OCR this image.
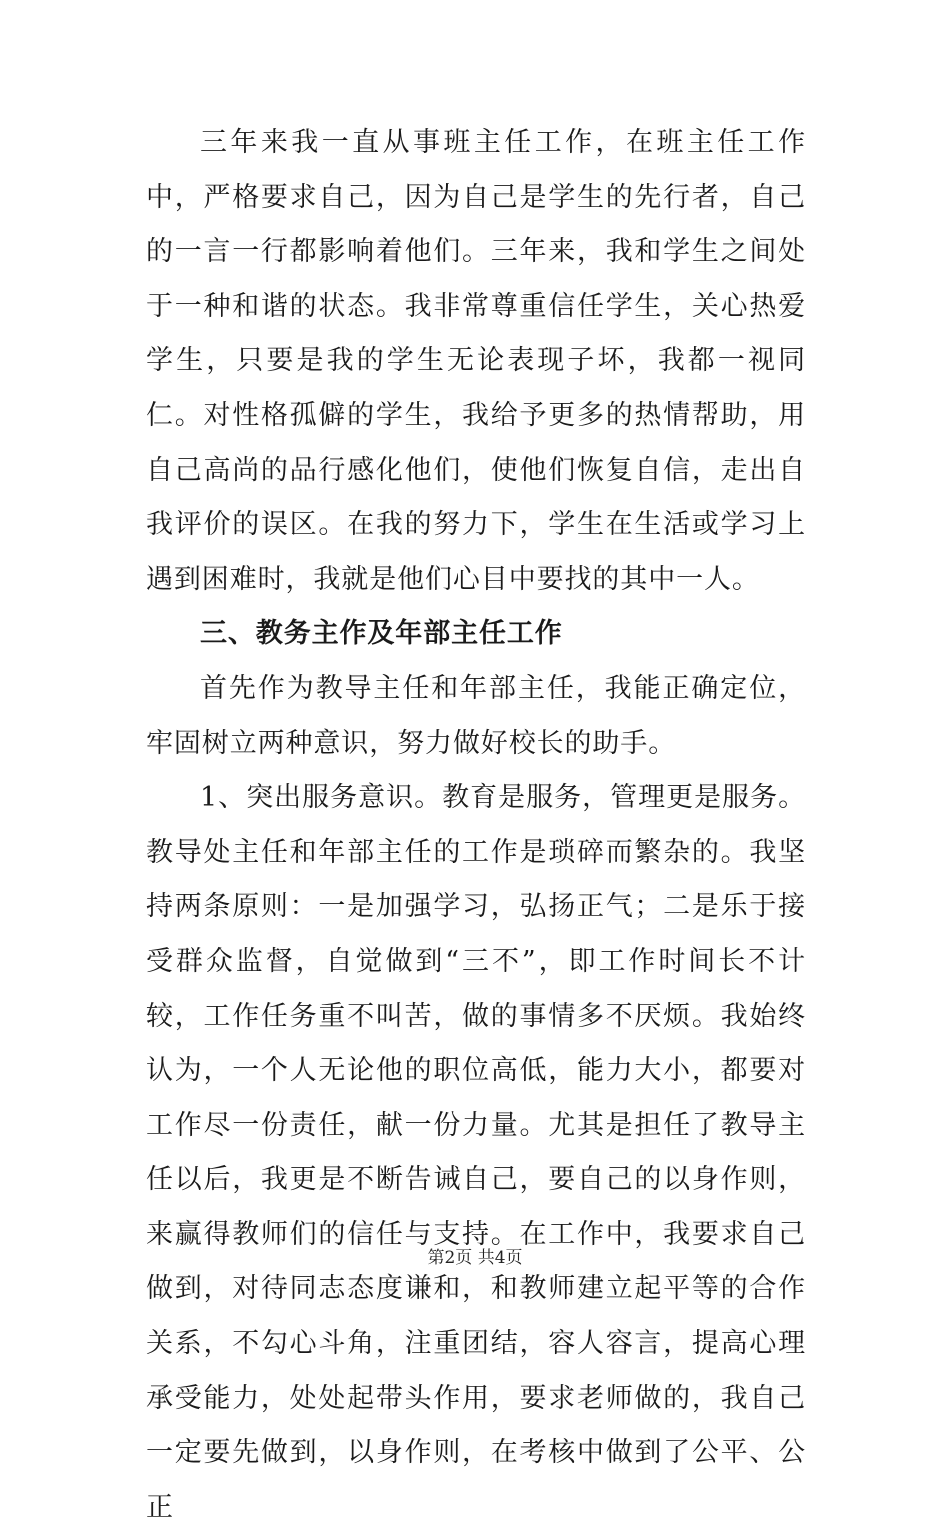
三年来我一直从事班主任工作，在班主任工作中，严格要求自己，因为自己是学生的先行者，自己的一言一行都影响着他们。三年来，我和学生之间处于一种和谐的状态。我非常尊重信任学生，关心热爱学生，只要是我的学生无论表现子坏，我都一视同仁。对性格孤僻的学生，我给予更多的热情帮助，用自己高尚的品行感化他们，使他们恢复自信，走出自我评价的误区。在我的努力下，学生在生活或学习上遇到困难时，我就是他们心目中要找的其中一人。

三、教务主作及年部主任工作

首先作为教导主任和年部主任，我能正确定位，牢固树立两种意识，努力做好校长的助手。

1、突出服务意识。教育是服务，管理更是服务。教导处主任和年部主任的工作是琐碎而繁杂的。我坚持两条原则：一是加强学习，弘扬正气；二是乐于接受群众监督，自觉做到“三不”，即工作时间长不计较，工作任务重不叫苦，做的事情多不厌烦。我始终认为，一个人无论他的职位高低，能力大小，都要对工作尽一份责任，献一份力量。尤其是担任了教导主任以后，我更是不断告诫自己，要自己的以身作则，来赢得教师们的信任与支持。在工作中，我要求自己做到，对待同志态度谦和，和教师建立起平等的合作关系，不勾心斗角，注重团结，容人容言，提高心理承受能力，处处起带头作用，要求老师做的，我自己一定要先做到，以身作则，在考核中做到了公平、公正

第2页 共4页
